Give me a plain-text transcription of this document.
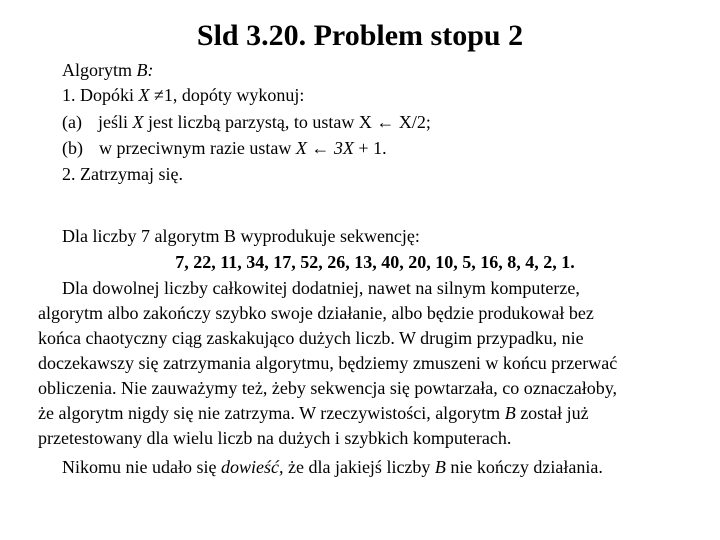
Sld 3.20. Problem stopu 2
Algorytm B:
1. Dopóki X ≠1, dopóty wykonuj:
(a) jeśli X jest liczbą parzystą, to ustaw X ← X/2;
(b) w przeciwnym razie ustaw X ← 3X + 1.
2. Zatrzymaj się.
Dla liczby 7 algorytm B wyprodukuje sekwencję:
7, 22, 11, 34, 17, 52, 26, 13, 40, 20, 10, 5, 16, 8, 4, 2, 1.
Dla dowolnej liczby całkowitej dodatniej, nawet na silnym komputerze,
algorytm albo zakończy szybko swoje działanie, albo będzie produkował bez
końca chaotyczny ciąg zaskakująco dużych liczb. W drugim przypadku, nie
doczekawszy się zatrzymania algorytmu, będziemy zmuszeni w końcu przerwać
obliczenia. Nie zauważymy też, żeby sekwencja się powtarzała, co oznaczałoby,
że algorytm nigdy się nie zatrzyma. W rzeczywistości, algorytm B został już
przetestowany dla wielu liczb na dużych i szybkich komputerach.
Nikomu nie udało się dowieść, że dla jakiejś liczby B nie kończy działania.
